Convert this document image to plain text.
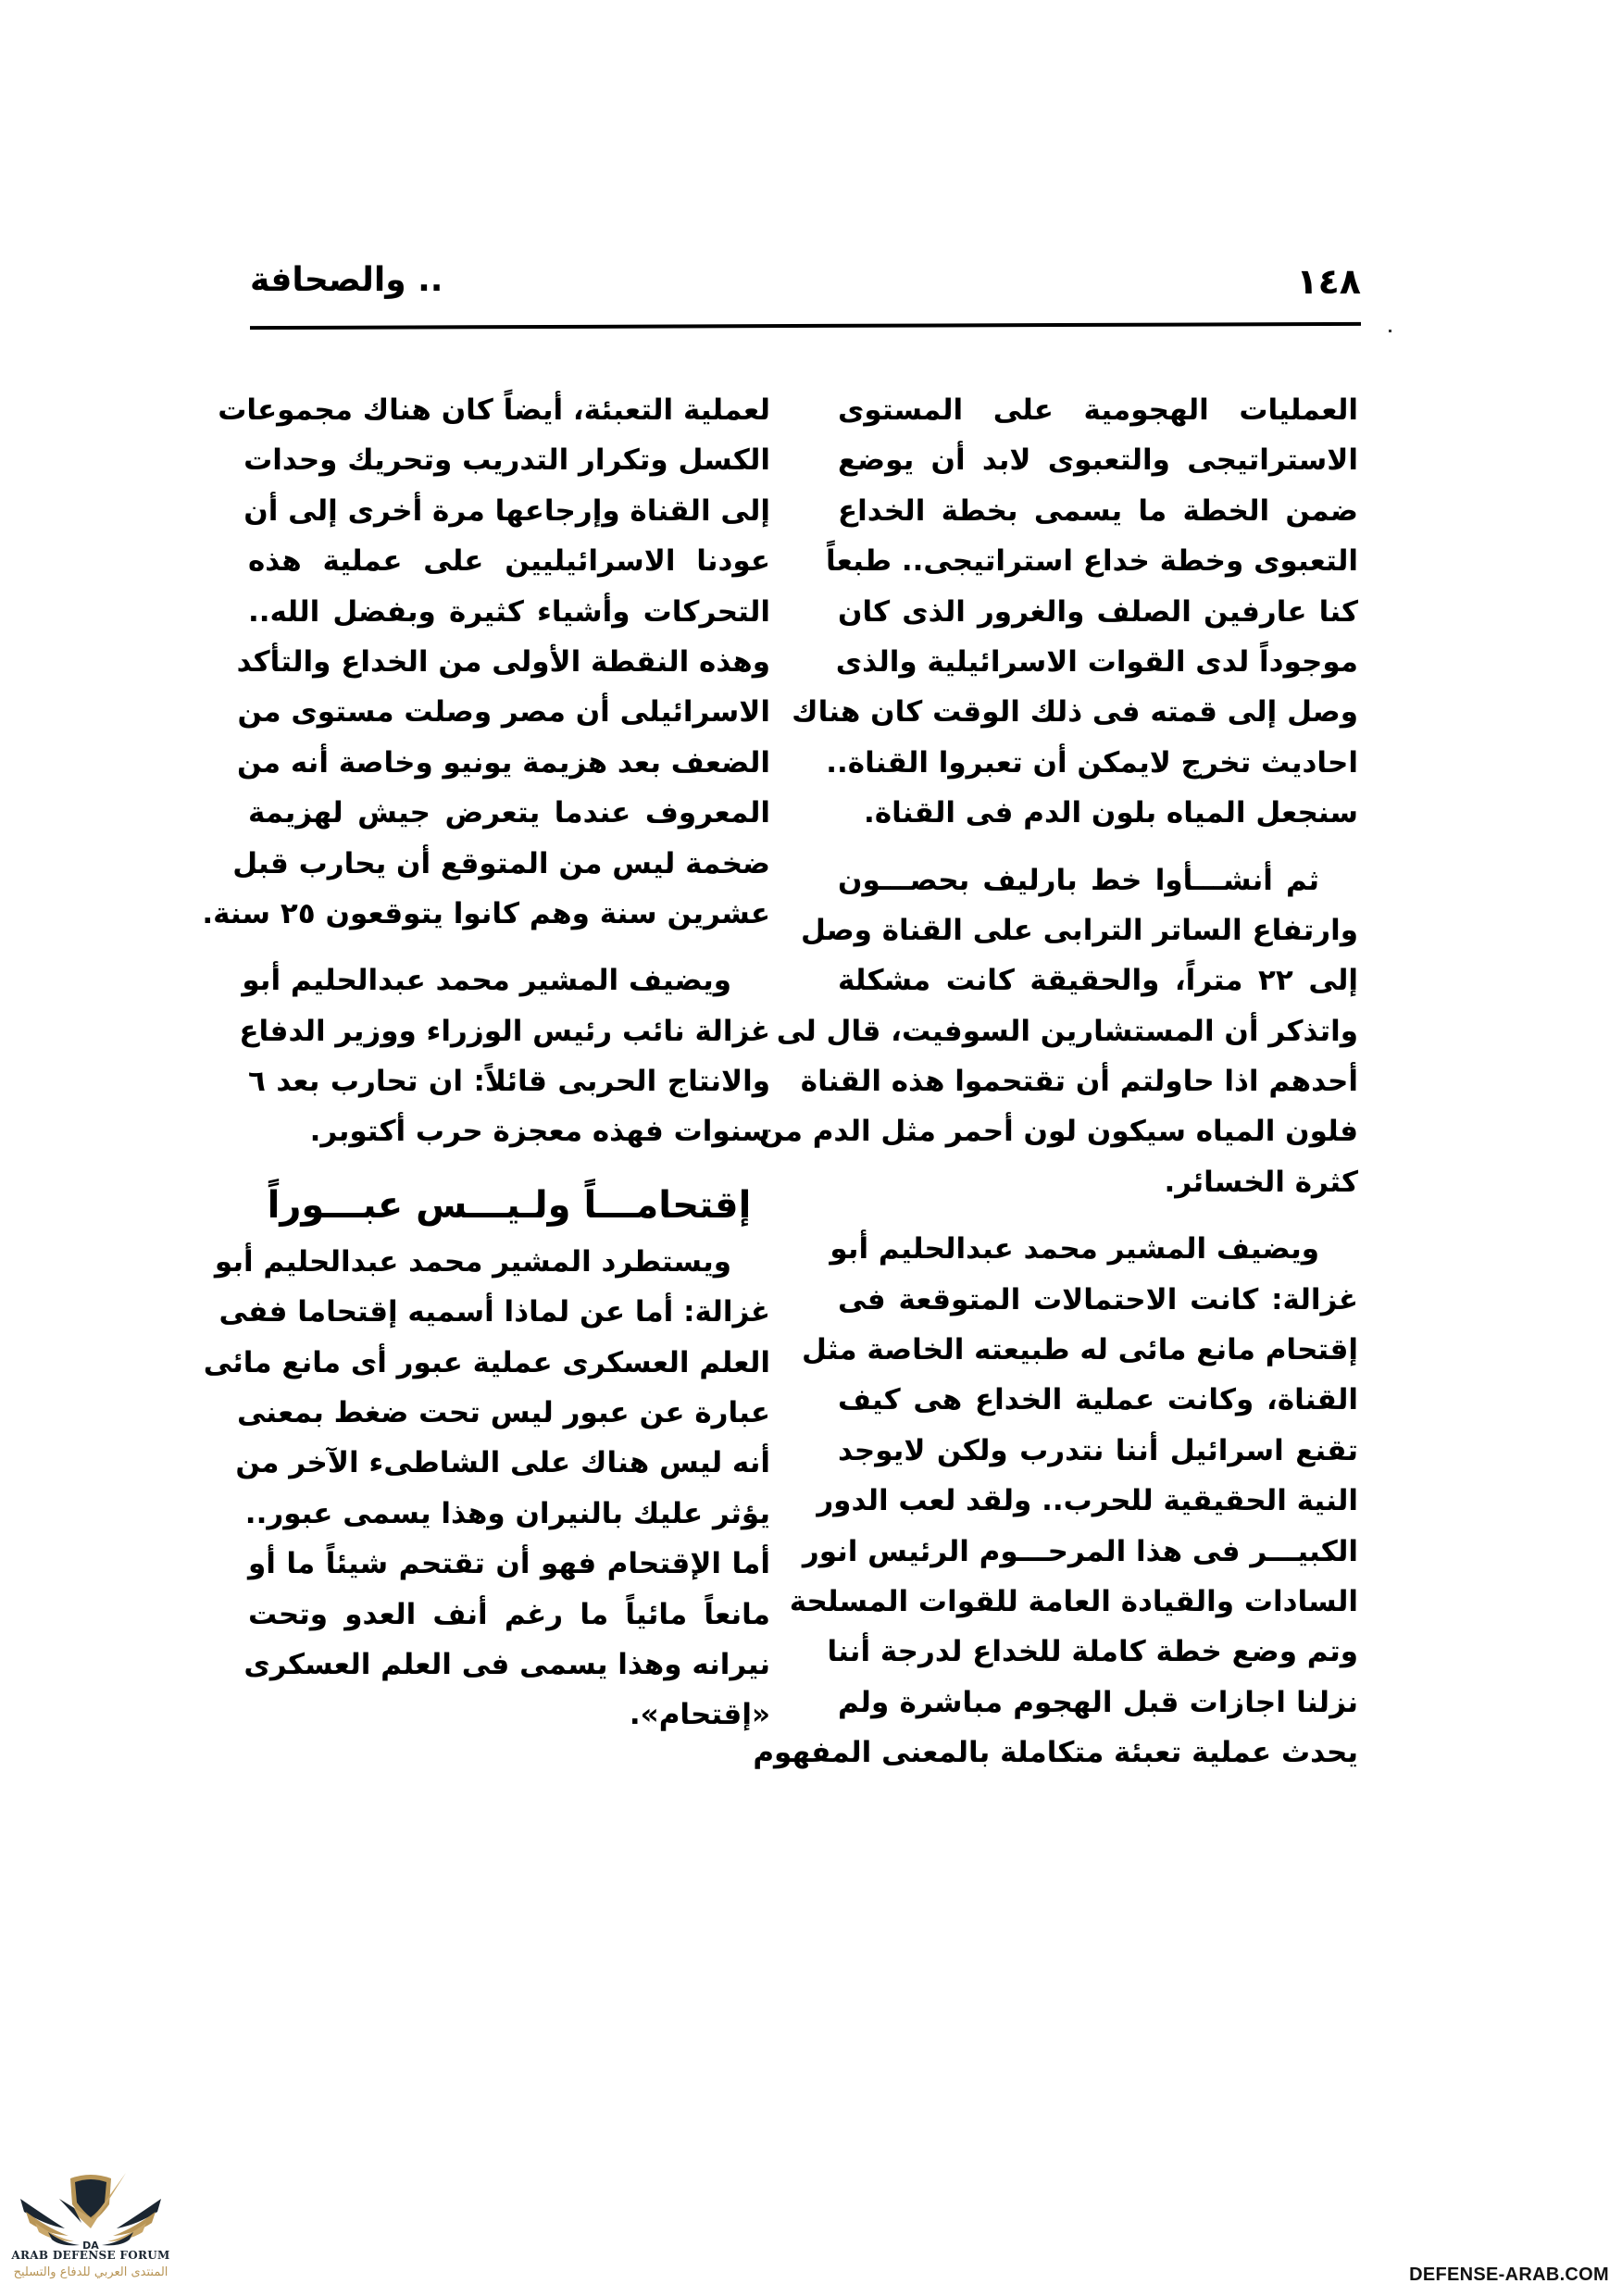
.. والصحافة	١٤٨
العمليات الهجومية على المستوى
الاستراتيجى والتعبوى لابد أن يوضع
ضمن الخطة ما يسمى بخطة الخداع
التعبوى وخطة خداع استراتيجى.. طبعاً
كنا عارفين الصلف والغرور الذى كان
موجوداً لدى القوات الاسرائيلية والذى
وصل إلى قمته فى ذلك الوقت كان هناك
احاديث تخرج لايمكن أن تعبروا القناة..
سنجعل المياه بلون الدم فى القناة.
ثم أنشـــأوا خط بارليف بحصـــون
وارتفاع الساتر الترابى على القناة وصل
إلى ٢٢ متراً، والحقيقة كانت مشكلة
واتذكر أن المستشارين السوفيت، قال لى
أحدهم اذا حاولتم أن تقتحموا هذه القناة
فلون المياه سيكون لون أحمر مثل الدم من
كثرة الخسائر.
ويضيف المشير محمد عبدالحليم أبو
غزالة: كانت الاحتمالات المتوقعة فى
إقتحام مانع مائى له طبيعته الخاصة مثل
القناة، وكانت عملية الخداع هى كيف
تقنع اسرائيل أننا نتدرب ولكن لايوجد
النية الحقيقية للحرب.. ولقد لعب الدور
الكبيـــر فى هذا المرحـــوم الرئيس انور
السادات والقيادة العامة للقوات المسلحة
وتم وضع خطة كاملة للخداع لدرجة أننا
نزلنا اجازات قبل الهجوم مباشرة ولم
يحدث عملية تعبئة متكاملة بالمعنى المفهوم
لعملية التعبئة، أيضاً كان هناك مجموعات
الكسل وتكرار التدريب وتحريك وحدات
إلى القناة وإرجاعها مرة أخرى إلى أن
عودنا الاسرائيليين على عملية هذه
التحركات وأشياء كثيرة وبفضل الله..
وهذه النقطة الأولى من الخداع والتأكد
الاسرائيلى أن مصر وصلت مستوى من
الضعف بعد هزيمة يونيو وخاصة أنه من
المعروف عندما يتعرض جيش لهزيمة
ضخمة ليس من المتوقع أن يحارب قبل
عشرين سنة وهم كانوا يتوقعون ٢٥ سنة.
ويضيف المشير محمد عبدالحليم أبو
غزالة نائب رئيس الوزراء ووزير الدفاع
والانتاج الحربى قائلاً: ان تحارب بعد ٦
سنوات فهذه معجزة حرب أكتوبر.
إقتحامـــاً ولـيـــس عبـــوراً
ويستطرد المشير محمد عبدالحليم أبو
غزالة: أما عن لماذا أسميه إقتحاما ففى
العلم العسكرى عملية عبور أى مانع مائى
عبارة عن عبور ليس تحت ضغط بمعنى
أنه ليس هناك على الشاطىء الآخر من
يؤثر عليك بالنيران وهذا يسمى عبور..
أما الإقتحام فهو أن تقتحم شيئاً ما أو
مانعاً مائياً ما رغم أنف العدو وتحت
نيرانه وهذا يسمى فى العلم العسكرى
«إقتحام».
DA
ARAB DEFENSE FORUM
المنتدى العربي للدفاع والتسليح	DEFENSE-ARAB.COM
